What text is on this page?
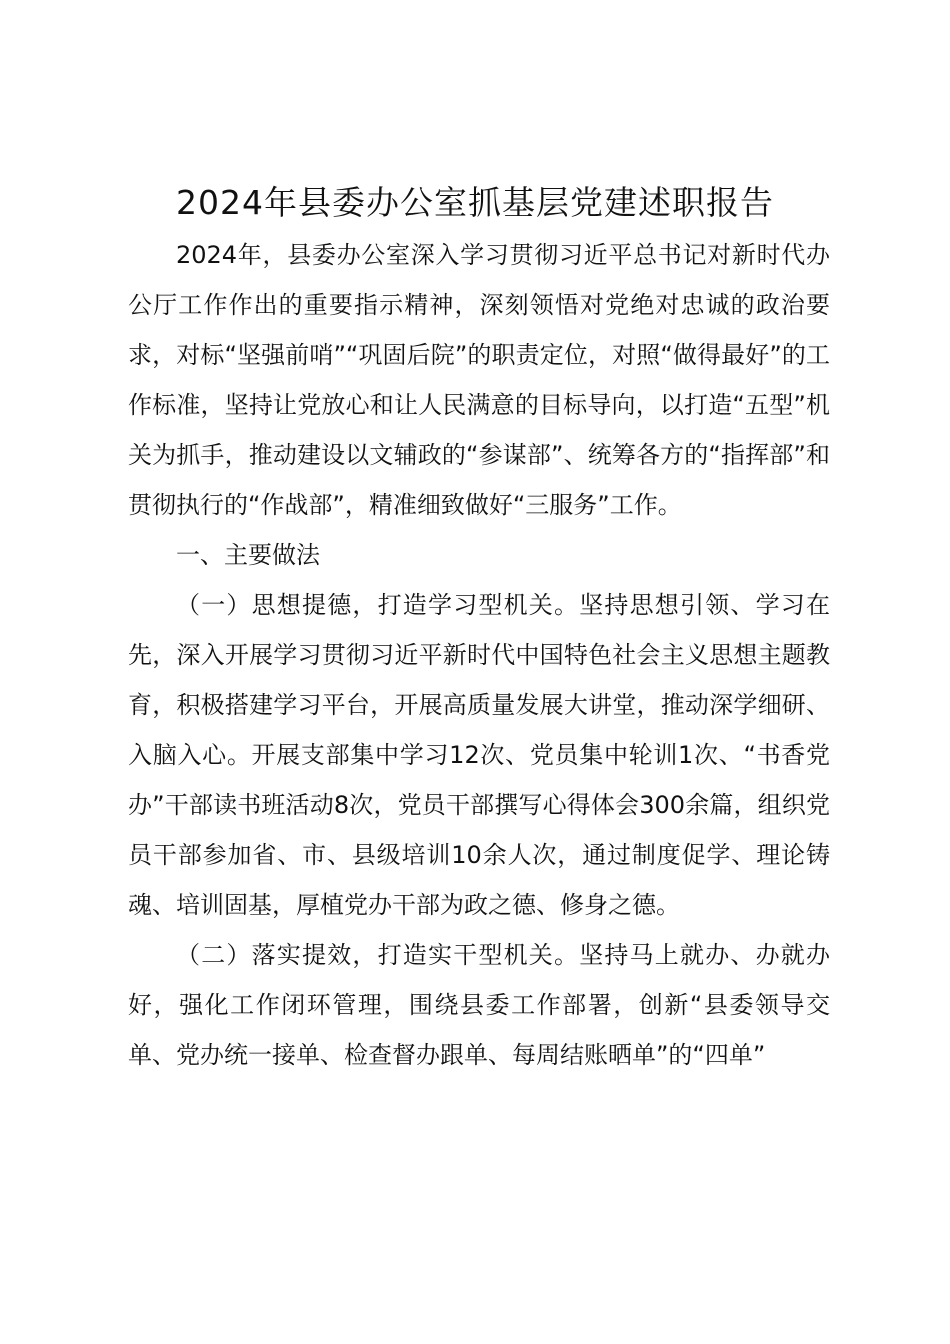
2024年县委办公室抓基层党建述职报告

2024年，县委办公室深入学习贯彻习近平总书记对新时代办公厅工作作出的重要指示精神，深刻领悟对党绝对忠诚的政治要求，对标“坚强前哨”“巩固后院”的职责定位，对照“做得最好”的工作标准，坚持让党放心和让人民满意的目标导向，以打造“五型”机关为抓手，推动建设以文辅政的“参谋部”、统筹各方的“指挥部”和贯彻执行的“作战部”，精准细致做好“三服务”工作。

一、主要做法

（一）思想提德，打造学习型机关。坚持思想引领、学习在先，深入开展学习贯彻习近平新时代中国特色社会主义思想主题教育，积极搭建学习平台，开展高质量发展大讲堂，推动深学细研、入脑入心。开展支部集中学习12次、党员集中轮训1次、“书香党办”干部读书班活动8次，党员干部撰写心得体会300余篇，组织党员干部参加省、市、县级培训10余人次，通过制度促学、理论铸魂、培训固基，厚植党办干部为政之德、修身之德。

（二）落实提效，打造实干型机关。坚持马上就办、办就办好，强化工作闭环管理，围绕县委工作部署，创新“县委领导交单、党办统一接单、检查督办跟单、每周结账晒单”的“四单”
